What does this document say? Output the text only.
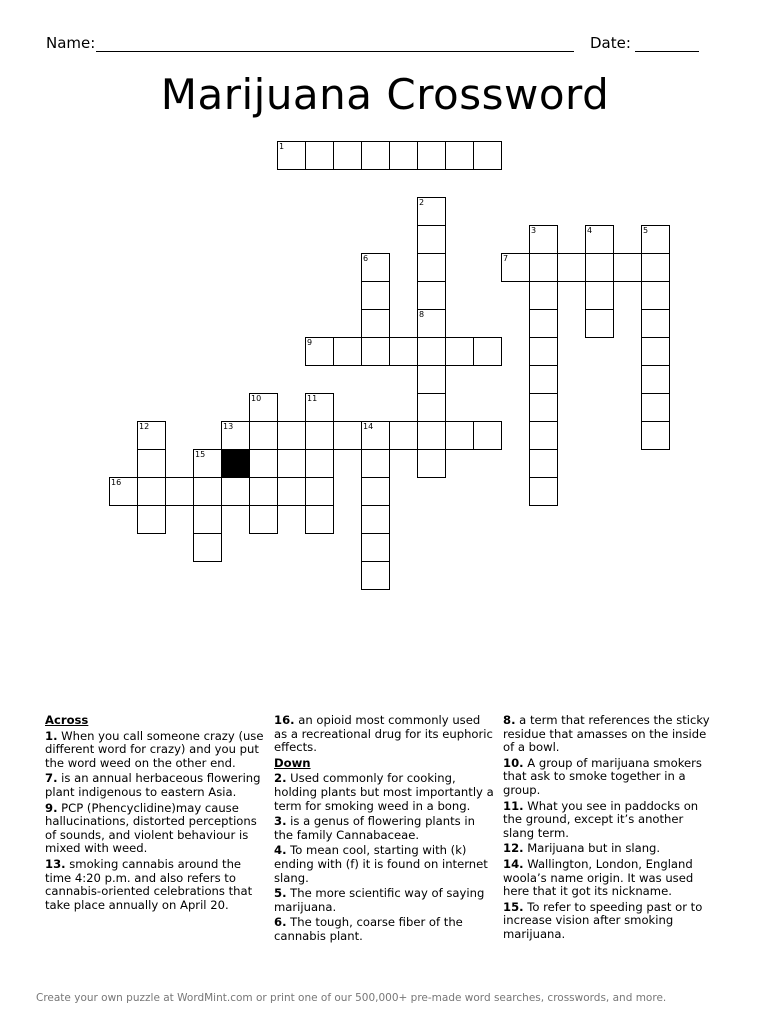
Name:	Date:
Marijuana Crossword
1
7
9
13	14
16
2
3	4	5
6
8
10	11
12
15

Across

1. When you call someone crazy (use different word for crazy) and you put the word weed on the other end.

7. is an annual herbaceous flowering plant indigenous to eastern Asia.

9. PCP (Phencyclidine)may cause hallucinations, distorted perceptions of sounds, and violent behaviour is mixed with weed.

13. smoking cannabis around the time 4:20 p.m. and also refers to cannabis-oriented celebrations that take place annually on April 20.

16. an opioid most commonly used as a recreational drug for its euphoric effects.

Down

2. Used commonly for cooking, holding plants but most importantly a term for smoking weed in a bong.

3. is a genus of flowering plants in the family Cannabaceae.

4. To mean cool, starting with (k) ending with (f) it is found on internet slang.

5. The more scientific way of saying marijuana.

6. The tough, coarse fiber of the cannabis plant.

8. a term that references the sticky residue that amasses on the inside of a bowl.

10. A group of marijuana smokers that ask to smoke together in a group.

11. What you see in paddocks on the ground, except it’s another slang term.

12. Marijuana but in slang.

14. Wallington, London, England woola’s name origin. It was used here that it got its nickname.

15. To refer to speeding past or to increase vision after smoking marijuana.

Create your own puzzle at WordMint.com or print one of our 500,000+ pre-made word searches, crosswords, and more.
